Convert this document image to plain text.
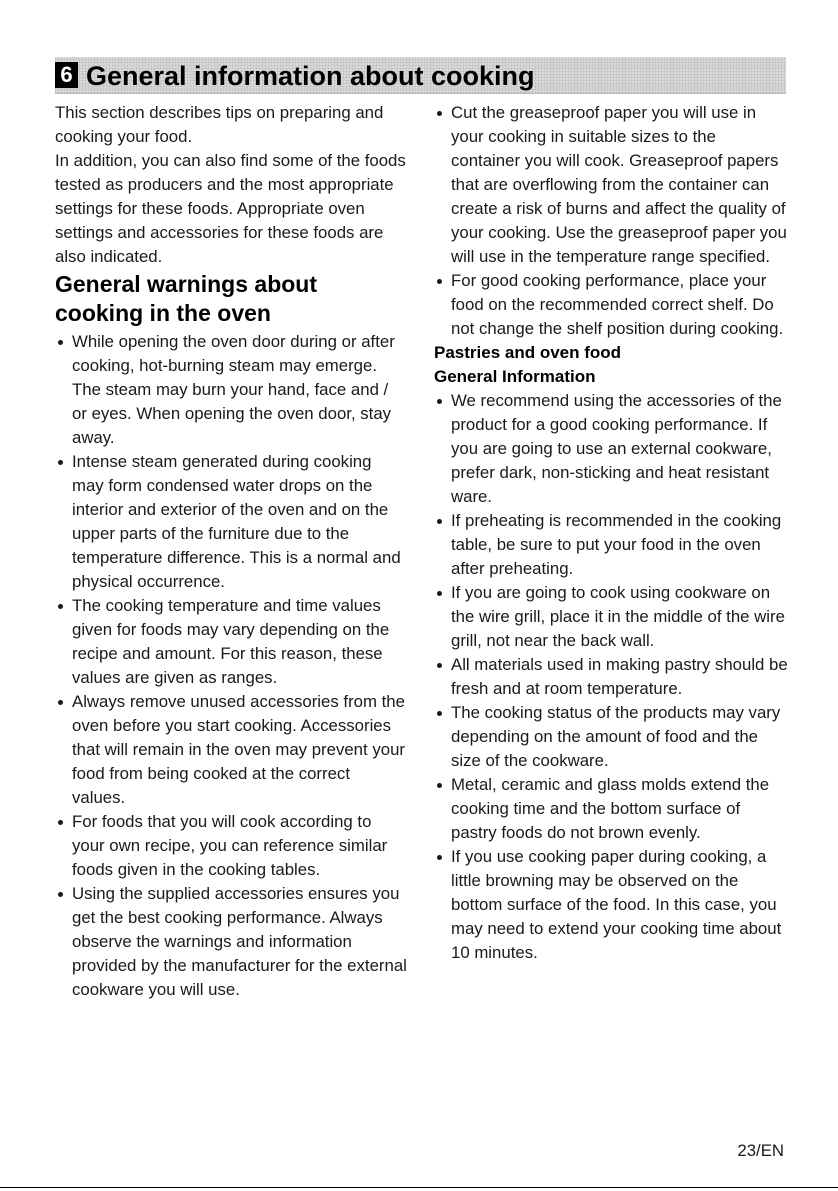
6 General information about cooking

This section describes tips on preparing and cooking your food.

In addition, you can also find some of the foods tested as producers and the most appropriate settings for these foods. Appropriate oven settings and accessories for these foods are also indicated.

General warnings about cooking in the oven
While opening the oven door during or after cooking, hot-burning steam may emerge. The steam may burn your hand, face and / or eyes. When opening the oven door, stay away.
Intense steam generated during cooking may form condensed water drops on the interior and exterior of the oven and on the upper parts of the furniture due to the temperature difference. This is a normal and physical occurrence.
The cooking temperature and time values given for foods may vary depending on the recipe and amount. For this reason, these values are given as ranges.
Always remove unused accessories from the oven before you start cooking. Accessories that will remain in the oven may prevent your food from being cooked at the correct values.
For foods that you will cook according to your own recipe, you can reference similar foods given in the cooking tables.
Using the supplied accessories ensures you get the best cooking performance. Always observe the warnings and information provided by the manufacturer for the external cookware you will use.
Cut the greaseproof paper you will use in your cooking in suitable sizes to the container you will cook. Greaseproof papers that are overflowing from the container can create a risk of burns and affect the quality of your cooking. Use the greaseproof paper you will use in the temperature range specified.
For good cooking performance, place your food on the recommended correct shelf. Do not change the shelf position during cooking.
Pastries and oven food
General Information
We recommend using the accessories of the product for a good cooking performance. If you are going to use an external cookware, prefer dark, non-sticking and heat resistant ware.
If preheating is recommended in the cooking table, be sure to put your food in the oven after preheating.
If you are going to cook using cookware on the wire grill, place it in the middle of the wire grill, not near the back wall.
All materials used in making pastry should be fresh and at room temperature.
The cooking status of the products may vary depending on the amount of food and the size of the cookware.
Metal, ceramic and glass molds extend the cooking time and the bottom surface of pastry foods do not brown evenly.
If you use cooking paper during cooking, a little browning may be observed on the bottom surface of the food. In this case, you may need to extend your cooking time about 10 minutes.
23/EN
